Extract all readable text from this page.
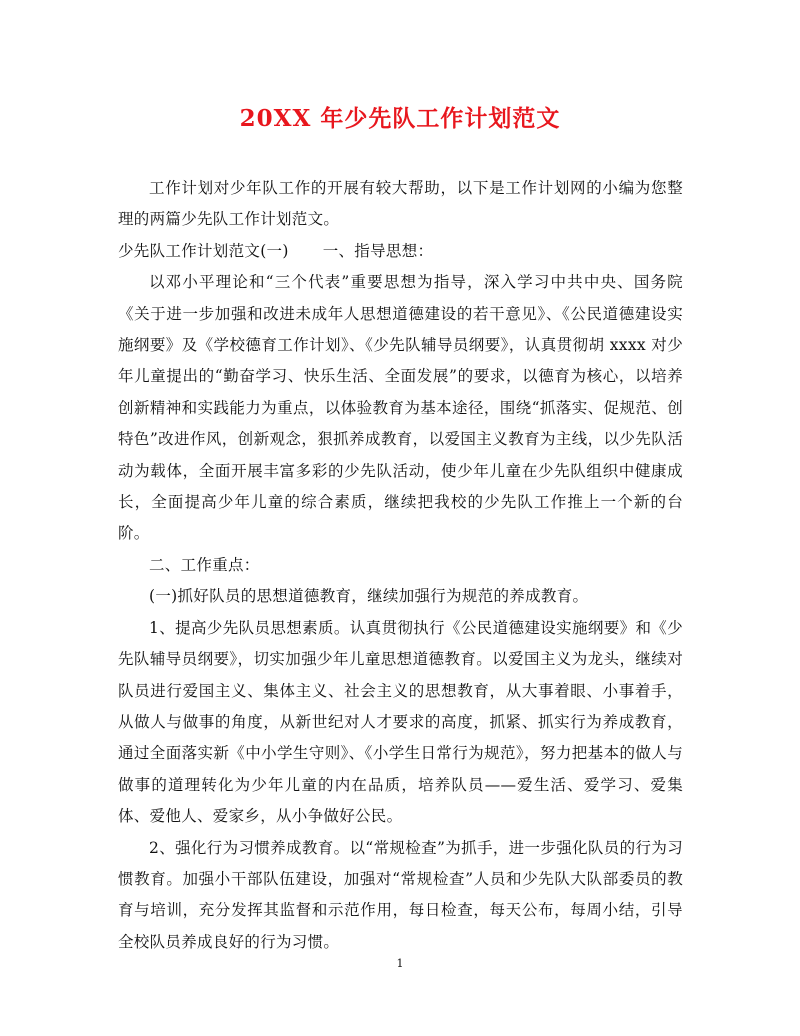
20XX 年少先队工作计划范文

工作计划对少年队工作的开展有较大帮助，以下是工作计划网的小编为您整理的两篇少先队工作计划范文。

少先队工作计划范文(一) 一、指导思想：

以邓小平理论和“三个代表”重要思想为指导，深入学习中共中央、国务院《关于进一步加强和改进未成年人思想道德建设的若干意见》、《公民道德建设实施纲要》及《学校德育工作计划》、《少先队辅导员纲要》，认真贯彻胡 xxxx 对少年儿童提出的“勤奋学习、快乐生活、全面发展”的要求，以德育为核心，以培养创新精神和实践能力为重点，以体验教育为基本途径，围绕“抓落实、促规范、创特色”改进作风，创新观念，狠抓养成教育，以爱国主义教育为主线，以少先队活动为载体，全面开展丰富多彩的少先队活动，使少年儿童在少先队组织中健康成长，全面提高少年儿童的综合素质，继续把我校的少先队工作推上一个新的台阶。

二、工作重点：

(一)抓好队员的思想道德教育，继续加强行为规范的养成教育。

1、提高少先队员思想素质。认真贯彻执行《公民道德建设实施纲要》和《少先队辅导员纲要》，切实加强少年儿童思想道德教育。以爱国主义为龙头，继续对队员进行爱国主义、集体主义、社会主义的思想教育，从大事着眼、小事着手，从做人与做事的角度，从新世纪对人才要求的高度，抓紧、抓实行为养成教育，通过全面落实新《中小学生守则》、《小学生日常行为规范》，努力把基本的做人与做事的道理转化为少年儿童的内在品质，培养队员——爱生活、爱学习、爱集体、爱他人、爱家乡，从小争做好公民。

2、强化行为习惯养成教育。以“常规检查”为抓手，进一步强化队员的行为习惯教育。加强小干部队伍建设，加强对“常规检查”人员和少先队大队部委员的教育与培训，充分发挥其监督和示范作用，每日检查，每天公布，每周小结，引导全校队员养成良好的行为习惯。

1
